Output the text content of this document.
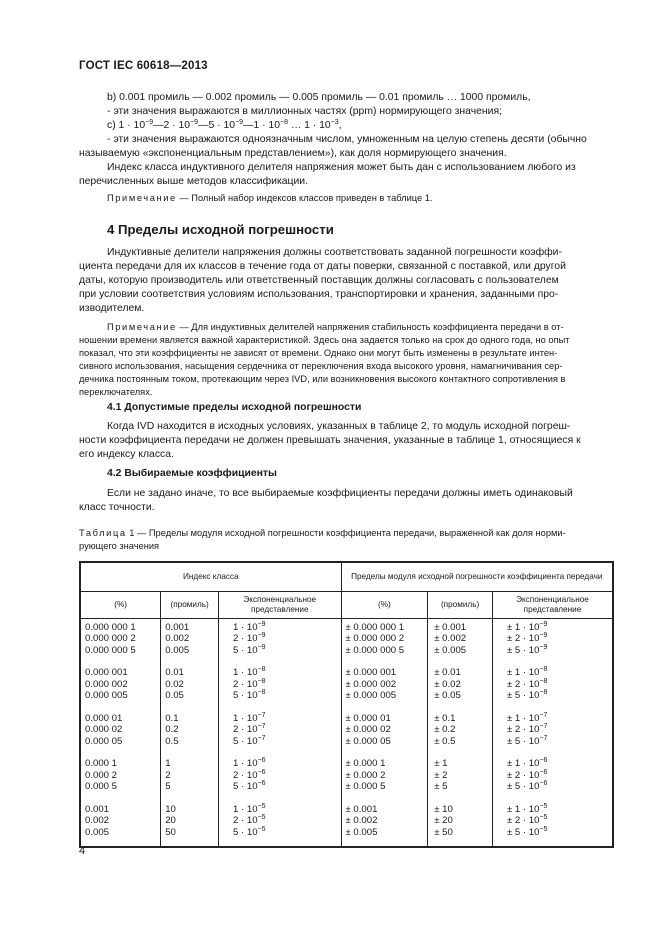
ГОСТ IEC 60618—2013
b) 0.001 промиль — 0.002 промиль — 0.005 промиль — 0.01 промиль … 1000 промиль,
- эти значения выражаются в миллионных частях (ppm) нормирующего значения;
c) $1 \cdot 10^{-9}—2$ · $10^{-9}—5$ · $10^{-9}—1 \cdot 10^{-8}$ … $1 \cdot 10^{-3}$,
- эти значения выражаются одноязначным числом, умноженным на целую степень десяти (обычно
называемую «экспоненциальным представлением»), как доля нормирующего значения.
Индекс класса индуктивного делителя напряжения может быть дан с использованием любого из
перечисленных выше методов классификации.
Примечание — Полный набор индексов классов приведен в таблице 1.
4 Пределы исходной погрешности
Индуктивные делители напряжения должны соответствовать заданной погрешности коэффи-
циента передачи для их классов в течение года от даты поверки, связанной с поставкой, или другой
даты, которую производитель или ответственный поставщик должны согласовать с пользователем
при условии соответствия условиям использования, транспортировки и хранения, заданными про-
изводителем.
Примечание — Для индуктивных делителей напряжения стабильность коэффициента передачи в от-
ношении времени является важной характеристикой. Здесь она задается только на срок до одного года, но опыт
показал, что эти коэффициенты не зависят от времени. Однако они могут быть изменены в результате интен-
сивного использования, насыщения сердечника от переключения входа высокого уровня, намагничивания сер-
дечника постоянным током, протекающим через IVD, или возникновения высокого контактного сопротивления в
переключателях.
4.1 Допустимые пределы исходной погрешности
Когда IVD находится в исходных условиях, указанных в таблице 2, то модуль исходной погреш-
ности коэффициента передачи не должен превышать значения, указанные в таблице 1, относящиеся к
его индексу класса.
4.2 Выбираемые коэффициенты
Если не задано иначе, то все выбираемые коэффициенты передачи должны иметь одинаковый
класс точности.
Таблица 1 — Пределы модуля исходной погрешности коэффициента передачи, выраженной как доля норми-
рующего значения
Индекс класса			Пределы модуля исходной погрешности коэффициента передачи		
(%)	(промиль)	Экспоненциальное представление	(%)	(промиль)	Экспоненциальное представление

0.000 000 1
0.000 000 2
0.000 000 5	0.001
0.002
0.005	$1 \cdot 10^{-9}$
$2 \cdot 10^{-9}$
$5 \cdot 10^{-9}$	± 0.000 000 1
± 0.000 000 2
± 0.000 000 5	± 0.001
± 0.002
± 0.005	± $1 \cdot 10^{-9}$
± $2 \cdot 10^{-9}$
± $5 \cdot 10^{-9}$

0.000 001
0.000 002
0.000 005	0.01
0.02
0.05	$1 \cdot 10^{-8}$
$2 \cdot 10^{-8}$
$5 \cdot 10^{-8}$	± 0.000 001
± 0.000 002
± 0.000 005	± 0.01
± 0.02
± 0.05	± $1 \cdot 10^{-8}$
± $2 \cdot 10^{-8}$
± $5 \cdot 10^{-8}$

0.000 01
0.000 02
0.000 05	0.1
0.2
0.5	$1 \cdot 10^{-7}$
$2 \cdot 10^{-7}$
$5 \cdot 10^{-7}$	± 0.000 01
± 0.000 02
± 0.000 05	± 0.1
± 0.2
± 0.5	± $1 \cdot 10^{-7}$
± $2 \cdot 10^{-7}$
± $5 \cdot 10^{-7}$

0.000 1
0.000 2
0.000 5	1
2
5	$1 \cdot 10^{-6}$
$2 \cdot 10^{-6}$
$5 \cdot 10^{-6}$	± 0.000 1
± 0.000 2
± 0.000 5	± 1
± 2
± 5	± $1 \cdot 10^{-6}$
± $2 \cdot 10^{-6}$
± $5 \cdot 10^{-6}$

0.001
0.002
0.005	10
20
50	$1 \cdot 10^{-5}$
$2 \cdot 10^{-5}$
$5 \cdot 10^{-5}$	± 0.001
± 0.002
± 0.005	± 10
± 20
± 50	± $1 \cdot 10^{-5}$
± $2 \cdot 10^{-5}$
± $5 \cdot 10^{-5}$
4
